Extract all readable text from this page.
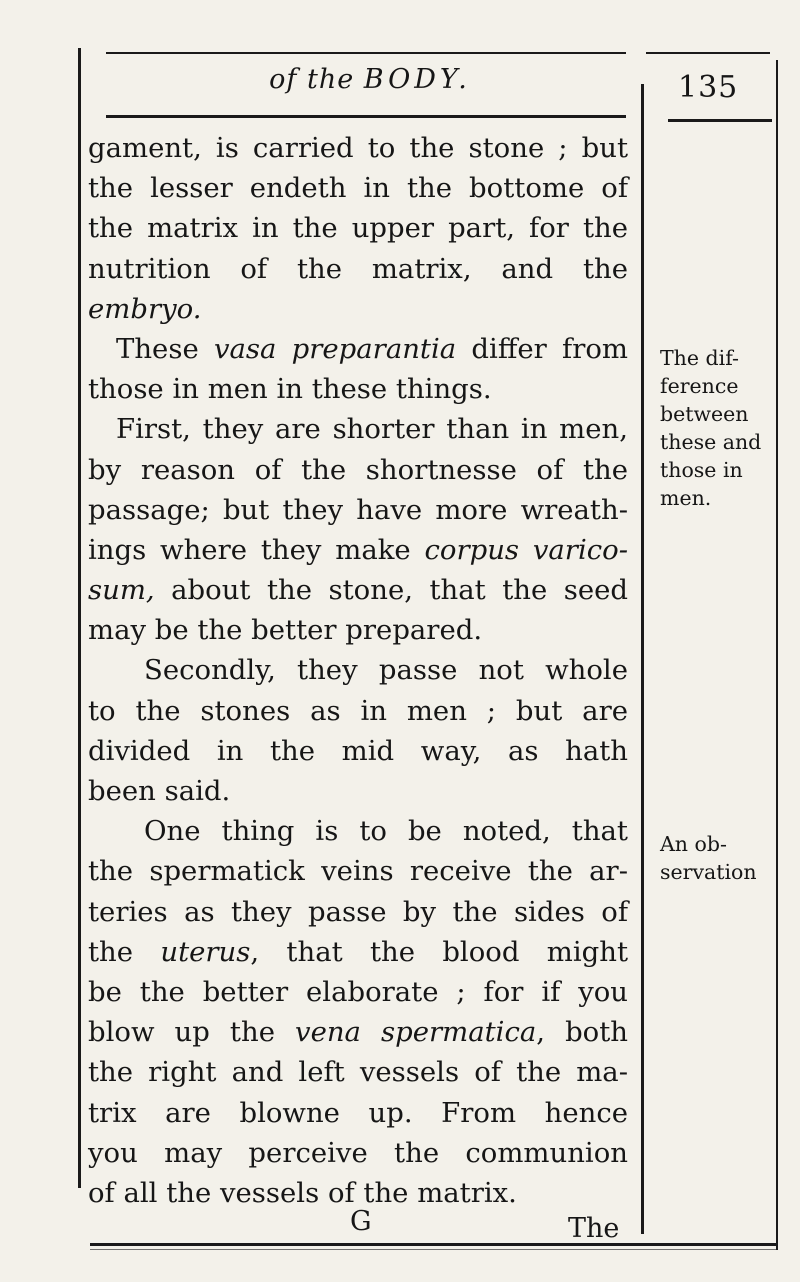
of the BODY.	135
gament, is carried to the stone ; but
the lesser endeth in the bottome of
the matrix in the upper part, for the
nutrition of the matrix, and the
embryo.
These vasa preparantia differ from
those in men in these things.
First, they are shorter than in men,
by reason of the shortnesse of the
passage; but they have more wreath-
ings where they make corpus varico-
sum, about the stone, that the seed
may be the better prepared.
Secondly, they passe not whole
to the stones as in men ; but are
divided in the mid way, as hath
been said.
One thing is to be noted, that
the spermatick veins receive the ar-
teries as they passe by the sides of
the uterus, that the blood might
be the better elaborate ; for if you
blow up the vena spermatica, both
the right and left vessels of the ma-
trix are blowne up. From hence
you may perceive the communion
of all the vessels of the matrix.
The dif-
ference
between
these and
those in
men.
An ob-
servation
G	The
